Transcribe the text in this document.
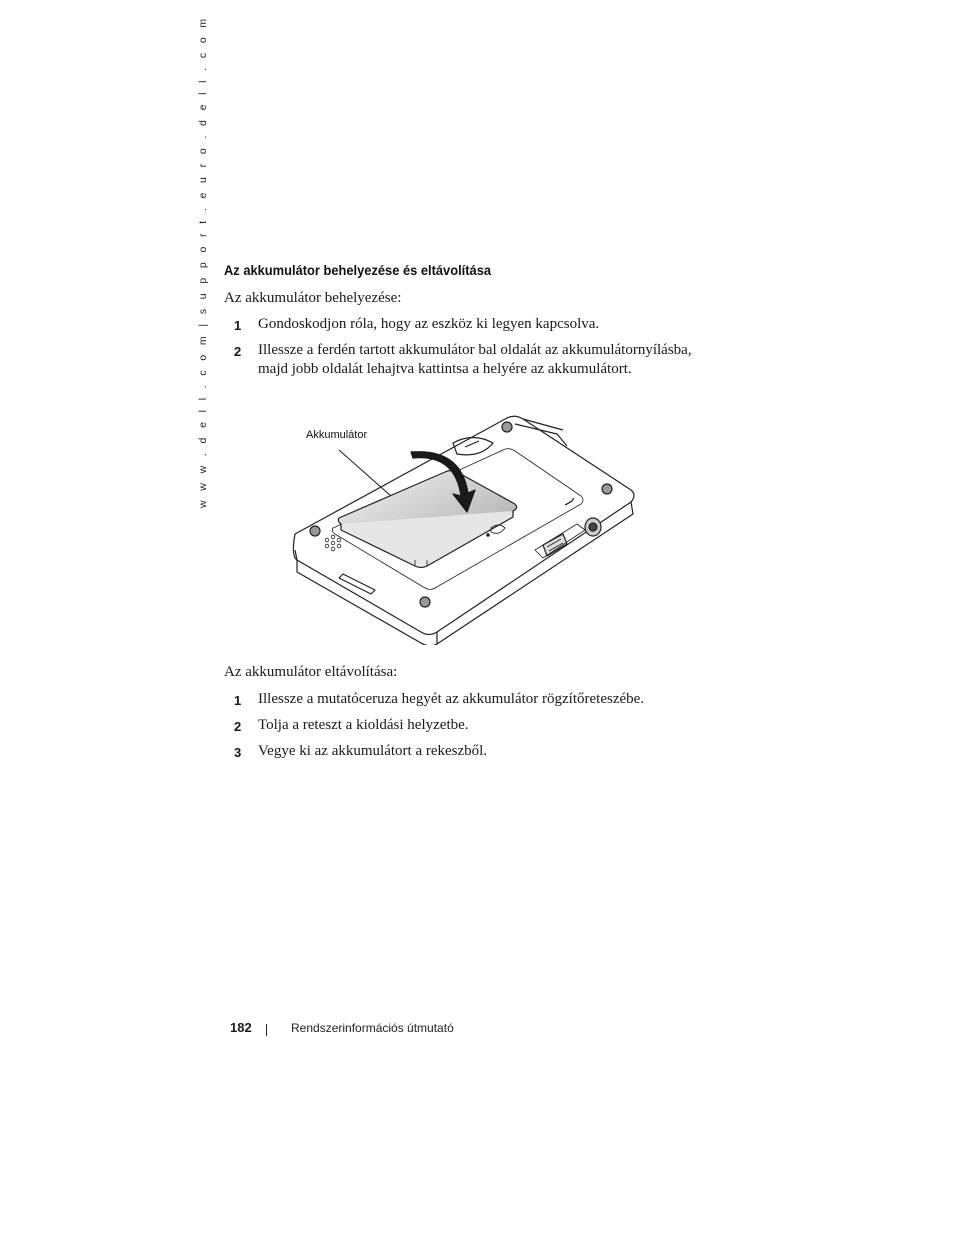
w w w . d e l l . c o m | s u p p o r t . e u r o . d e l l . c o m Az akkumulátor behelyezése és eltávolítása

Az akkumulátor behelyezése:

1 Gondoskodjon róla, hogy az eszköz ki legyen kapcsolva.
2 Illessze a ferdén tartott akkumulátor bal oldalát az akkumulátornyílásba, majd jobb oldalát lehajtva kattintsa a helyére az akkumulátort.
Akkumulátor

Az akkumulátor eltávolítása:

1 Illessze a mutatóceruza hegyét az akkumulátor rögzítőreteszébe.
2 Tolja a reteszt a kioldási helyzetbe.
3 Vegye ki az akkumulátort a rekeszből.
182	Rendszerinformációs útmutató
